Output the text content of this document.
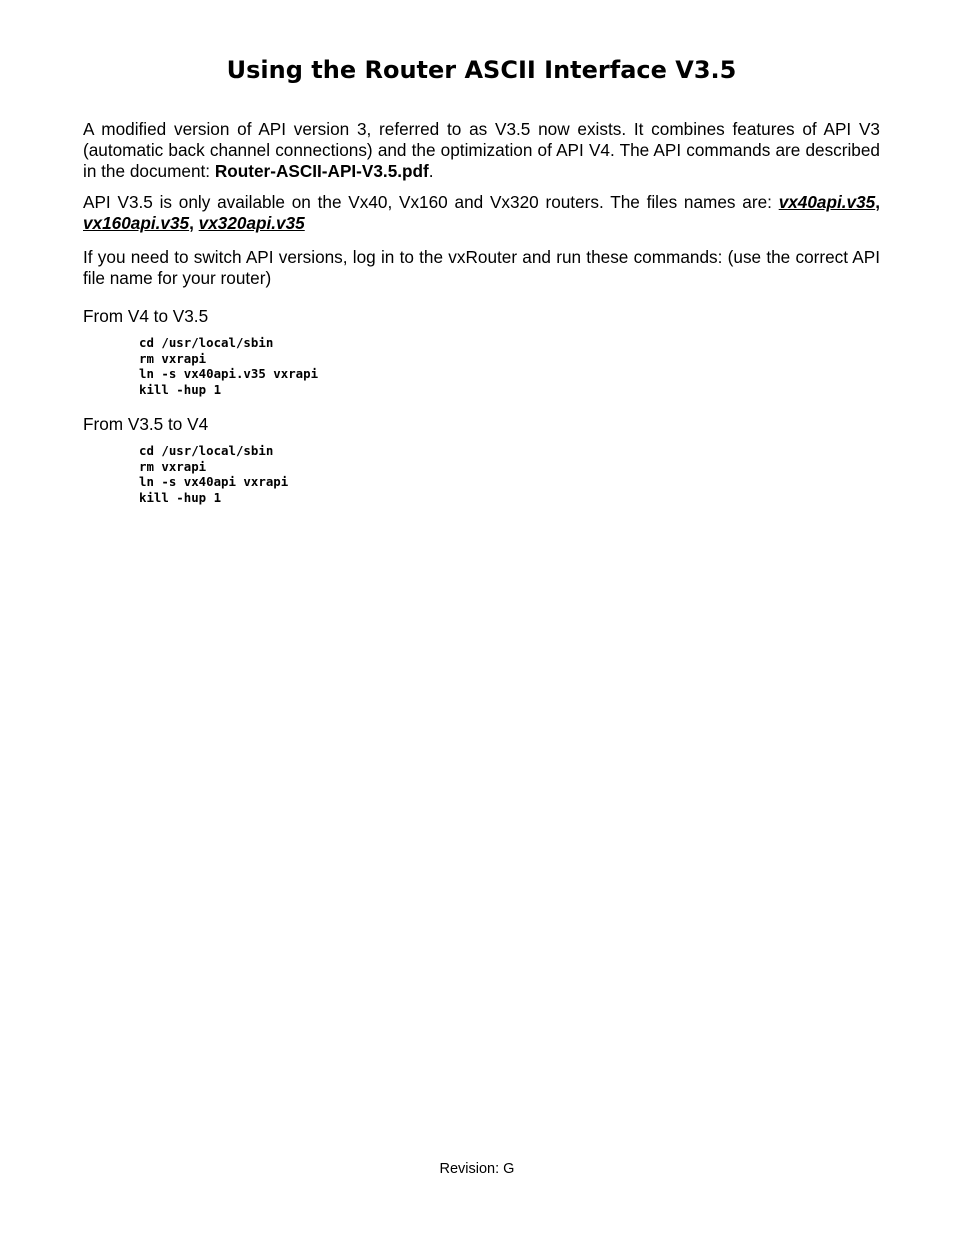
Using the Router ASCII Interface V3.5

A modified version of API version 3, referred to as V3.5 now exists. It combines features of API V3 (automatic back channel connections) and the optimization of API V4. The API commands are described in the document: Router-ASCII-API-V3.5.pdf.

API V3.5 is only available on the Vx40, Vx160 and Vx320 routers. The files names are: vx40api.v35, vx160api.v35, vx320api.v35

If you need to switch API versions, log in to the vxRouter and run these commands: (use the correct API file name for your router)

From V4 to V3.5

cd /usr/local/sbin
rm vxrapi
ln -s vx40api.v35 vxrapi
kill -hup 1

From V3.5 to V4

cd /usr/local/sbin
rm vxrapi
ln -s vx40api vxrapi
kill -hup 1
Revision: G
